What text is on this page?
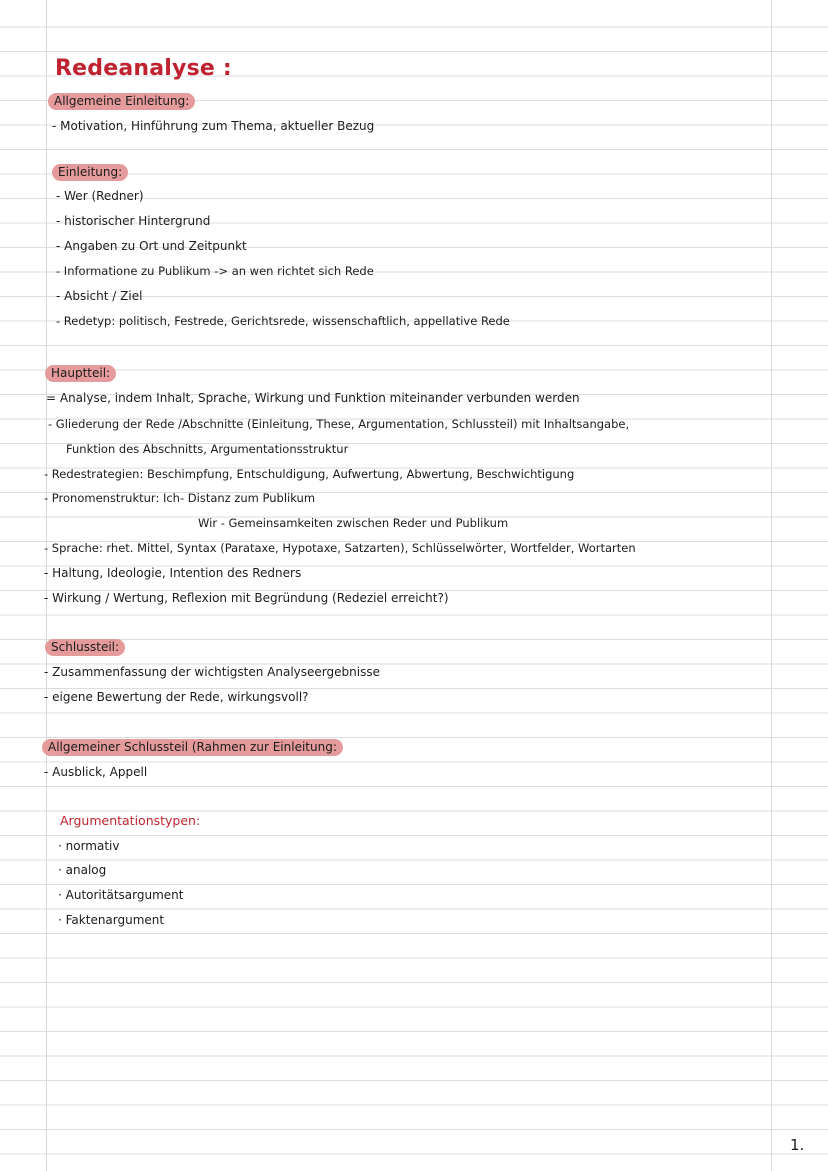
Redeanalyse :
Allgemeine Einleitung:
- Motivation, Hinführung zum Thema, aktueller Bezug
Einleitung:
- Wer (Redner)
- historischer Hintergrund
- Angaben zu Ort und Zeitpunkt
- Informatione zu Publikum -> an wen richtet sich Rede
- Absicht / Ziel
- Redetyp: politisch, Festrede, Gerichtsrede, wissenschaftlich, appellative Rede
Hauptteil:
= Analyse, indem Inhalt, Sprache, Wirkung und Funktion miteinander verbunden werden
- Gliederung der Rede /Abschnitte (Einleitung, These, Argumentation, Schlussteil) mit Inhaltsangabe,
Funktion des Abschnitts, Argumentationsstruktur
- Redestrategien: Beschimpfung, Entschuldigung, Aufwertung, Abwertung, Beschwichtigung
- Pronomenstruktur: Ich- Distanz zum Publikum
Wir - Gemeinsamkeiten zwischen Reder und Publikum
- Sprache: rhet. Mittel, Syntax (Parataxe, Hypotaxe, Satzarten), Schlüsselwörter, Wortfelder, Wortarten
- Haltung, Ideologie, Intention des Redners
- Wirkung / Wertung, Reflexion mit Begründung (Redeziel erreicht?)
Schlussteil:
- Zusammenfassung der wichtigsten Analyseergebnisse
- eigene Bewertung der Rede, wirkungsvoll?
Allgemeiner Schlussteil (Rahmen zur Einleitung:
- Ausblick, Appell
Argumentationstypen:
· normativ
· analog
· Autoritätsargument
· Faktenargument
1.
